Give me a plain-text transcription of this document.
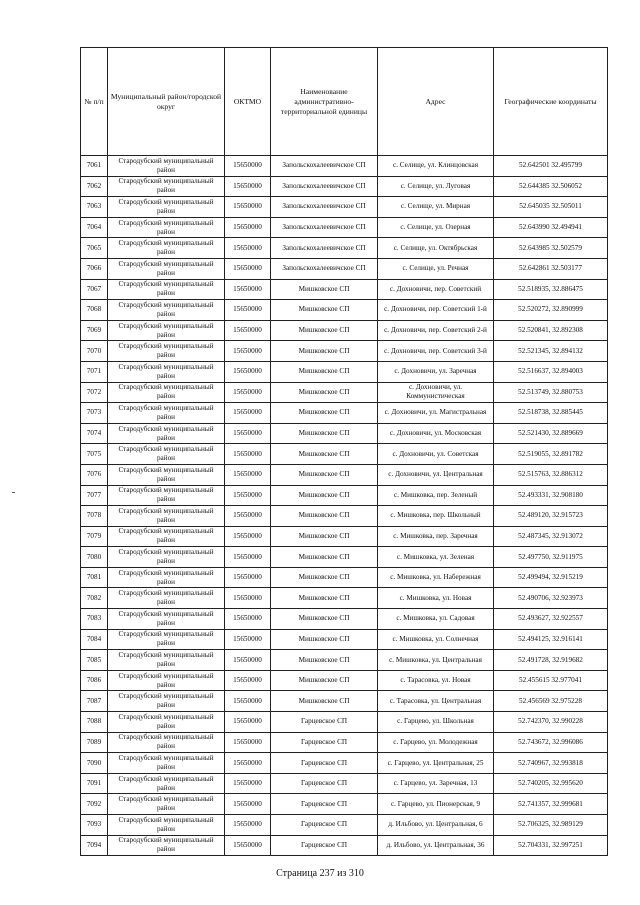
№ п/п	Муниципальный район/городской округ	ОКТМО	Наименование административно-территориальной единицы	Адрес	Географические координаты
7061	Стародубский муниципальный район	15650000	Запольскохалеевичское СП	с. Селище, ул. Клинцовская	52.642501 32.495799
7062	Стародубский муниципальный район	15650000	Запольскохалеевичское СП	с. Селище, ул. Луговая	52.644385 32.506052
7063	Стародубский муниципальный район	15650000	Запольскохалеевичское СП	с. Селище, ул. Мирная	52.645035 32.505011
7064	Стародубский муниципальный район	15650000	Запольскохалеевичское СП	с. Селище, ул. Озерная	52.643990 32.494941
7065	Стародубский муниципальный район	15650000	Запольскохалеевичское СП	с. Селище, ул. Октябрьская	52.643985 32.502579
7066	Стародубский муниципальный район	15650000	Запольскохалеевичское СП	с. Селище, ул. Речная	52.642861 32.503177
7067	Стародубский муниципальный район	15650000	Мишковское СП	с. Дохновичи, пер. Советский	52.518935, 32.886475
7068	Стародубский муниципальный район	15650000	Мишковское СП	с. Дохновичи, пер. Советский 1-й	52.520272, 32.890999
7069	Стародубский муниципальный район	15650000	Мишковское СП	с. Дохновичи, пер. Советский 2-й	52.520841, 32.892308
7070	Стародубский муниципальный район	15650000	Мишковское СП	с. Дохновичи, пер. Советский 3-й	52.521345, 32.894132
7071	Стародубский муниципальный район	15650000	Мишковское СП	с. Дохновичи, ул. Заречная	52.516637, 32.894003
7072	Стародубский муниципальный район	15650000	Мишковское СП	с. Дохновичи, ул. Коммунистическая	52.513749, 32.880753
7073	Стародубский муниципальный район	15650000	Мишковское СП	с. Дохновичи, ул. Магистральная	52.518738, 32.885445
7074	Стародубский муниципальный район	15650000	Мишковское СП	с. Дохновичи, ул. Московская	52.521430, 32.889669
7075	Стародубский муниципальный район	15650000	Мишковское СП	с. Дохновичи, ул. Советская	52.519055, 32.891782
7076	Стародубский муниципальный район	15650000	Мишковское СП	с. Дохновичи, ул. Центральная	52.515763, 32.886312
7077	Стародубский муниципальный район	15650000	Мишковское СП	с. Мишковка, пер. Зеленый	52.493331, 32.908180
7078	Стародубский муниципальный район	15650000	Мишковское СП	с. Мишковка, пер. Школьный	52.489120, 32.915723
7079	Стародубский муниципальный район	15650000	Мишковское СП	с. Мишковка, пер. Заречная	52.487345, 32.913072
7080	Стародубский муниципальный район	15650000	Мишковское СП	с. Мишковка, ул. Зеленая	52.497750, 32.911975
7081	Стародубский муниципальный район	15650000	Мишковское СП	с. Мишковка, ул. Набережная	52.499494, 32.915219
7082	Стародубский муниципальный район	15650000	Мишковское СП	с. Мишковка, ул. Новая	52.490706, 32.923973
7083	Стародубский муниципальный район	15650000	Мишковское СП	с. Мишковка, ул. Садовая	52.493627, 32.922557
7084	Стародубский муниципальный район	15650000	Мишковское СП	с. Мишковка, ул. Солнечная	52.494125, 32.916141
7085	Стародубский муниципальный район	15650000	Мишковское СП	с. Мишковка, ул. Центральная	52.491728, 32.919682
7086	Стародубский муниципальный район	15650000	Мишковское СП	с. Тарасовка, ул. Новая	52.455615 32.977041
7087	Стародубский муниципальный район	15650000	Мишковское СП	с. Тарасовка, ул. Центральная	52.456569 32.975228
7088	Стародубский муниципальный район	15650000	Гарцевское СП	с. Гарцево, ул. Школьная	52.742370, 32.990228
7089	Стародубский муниципальный район	15650000	Гарцевское СП	с. Гарцево, ул. Молодежная	52.743672, 32.996086
7090	Стародубский муниципальный район	15650000	Гарцевское СП	с. Гарцево, ул. Центральная, 25	52.740967, 32.993818
7091	Стародубский муниципальный район	15650000	Гарцевское СП	с. Гарцево, ул. Заречная, 13	52.740205, 32.995620
7092	Стародубский муниципальный район	15650000	Гарцевское СП	с. Гарцево, ул. Пионерская, 9	52.741357, 32.999681
7093	Стародубский муниципальный район	15650000	Гарцевское СП	д. Ильбово, ул. Центральная, 6	52.706325, 32.989129
7094	Стародубский муниципальный район	15650000	Гарцевское СП	д. Ильбово, ул. Центральная, 36	52.704331, 32.997251
Страница 237 из 310
